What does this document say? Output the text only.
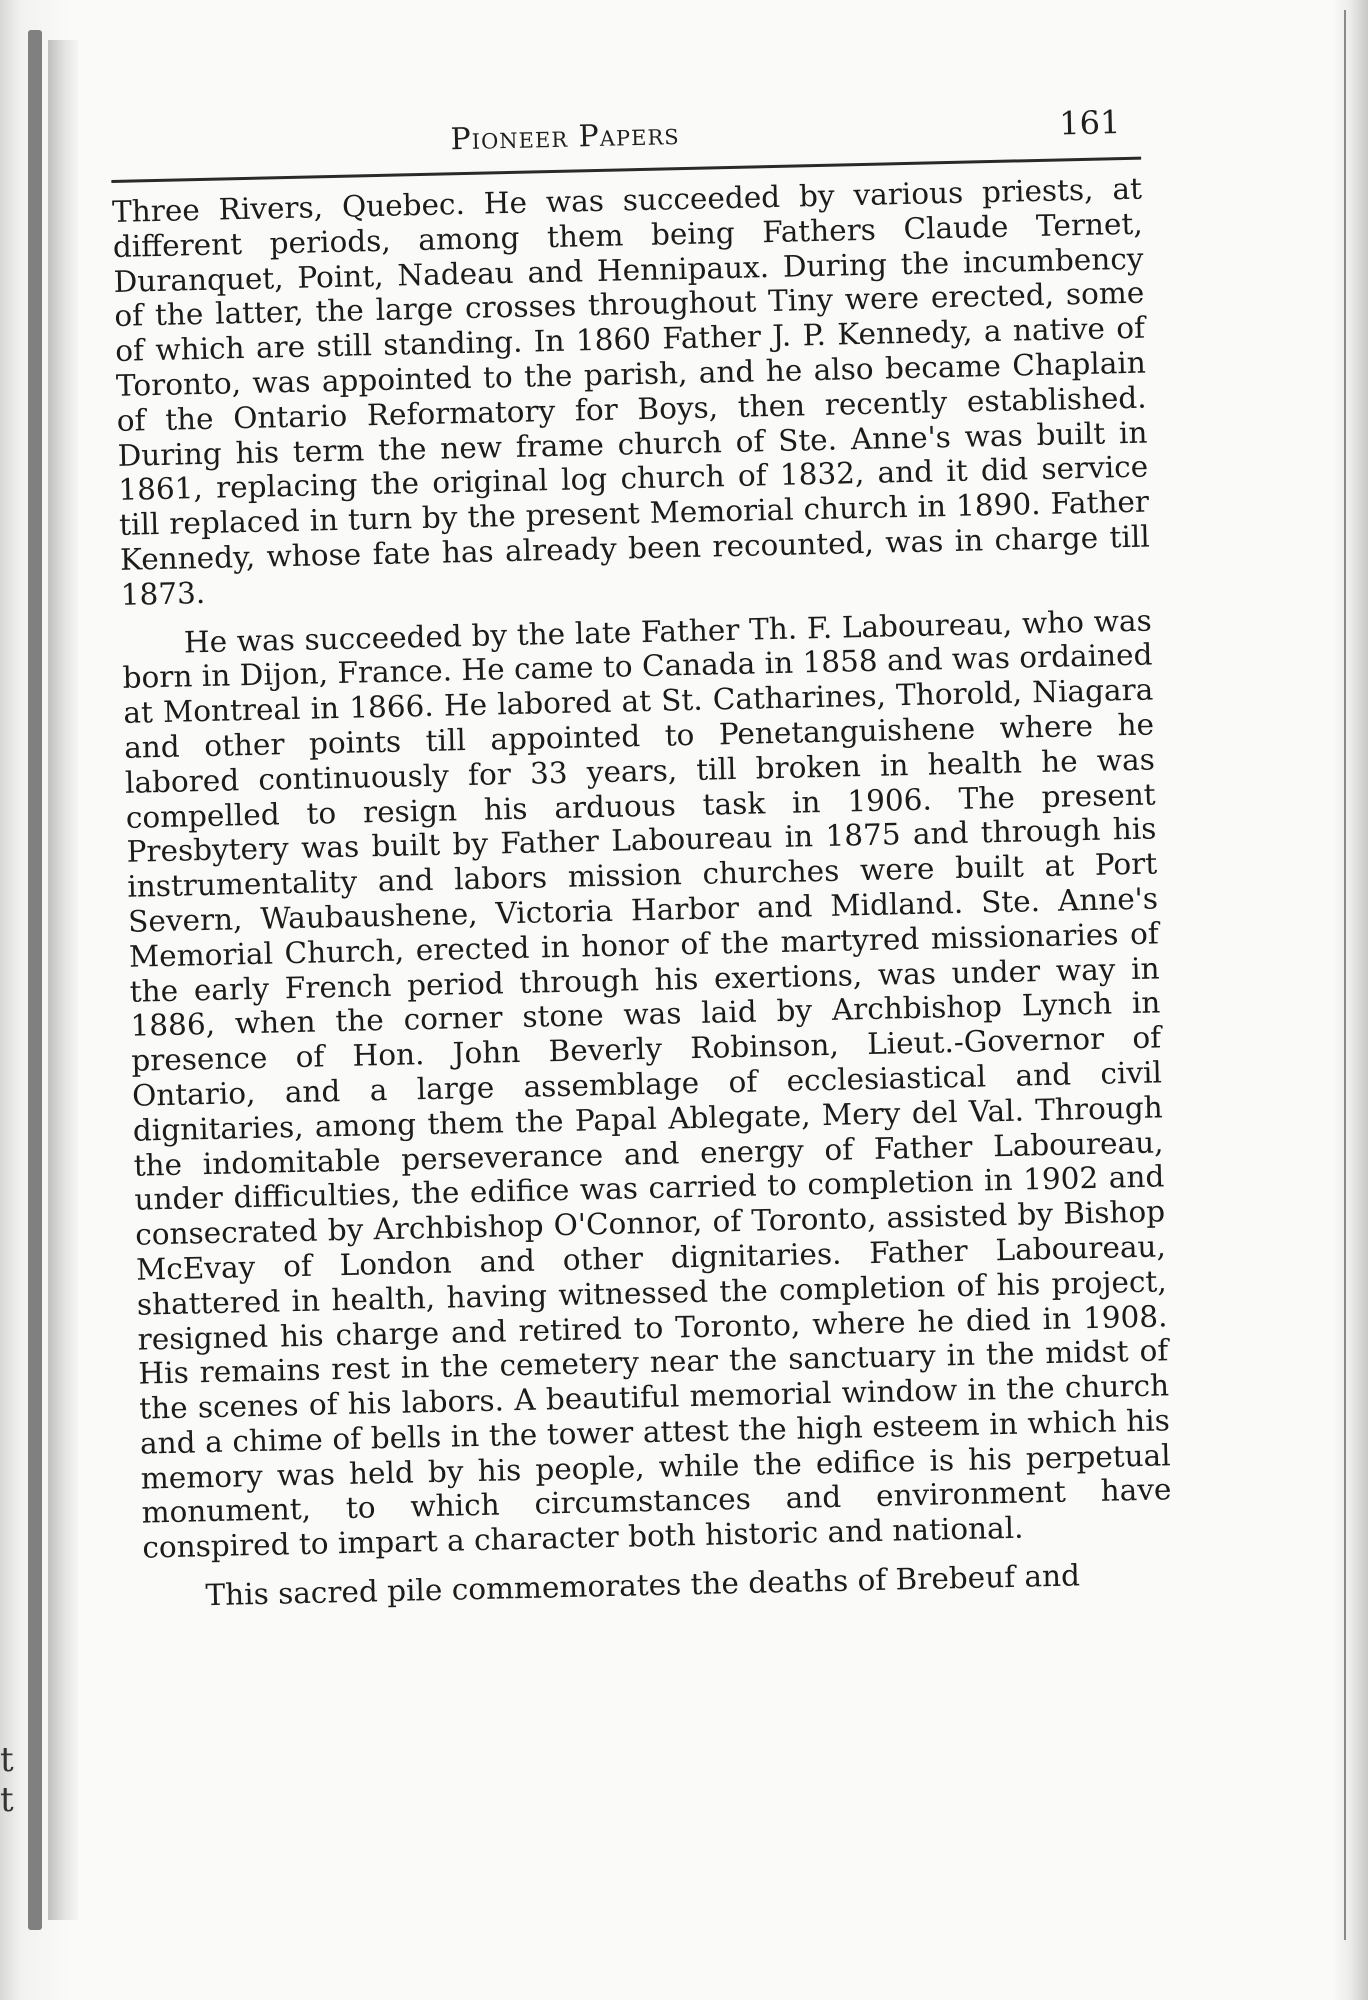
t
t
Pioneer Papers	161

Three Rivers, Quebec. He was succeeded by various priests, at different periods, among them being Fathers Claude Ternet, Duranquet, Point, Nadeau and Hennipaux. During the incumbency of the latter, the large crosses throughout Tiny were erected, some of which are still standing. In 1860 Father J. P. Kennedy, a native of Toronto, was appointed to the parish, and he also became Chaplain of the Ontario Reformatory for Boys, then recently established. During his term the new frame church of Ste. Anne's was built in 1861, replacing the original log church of 1832, and it did service till replaced in turn by the present Memorial church in 1890. Father Kennedy, whose fate has already been recounted, was in charge till 1873.

He was succeeded by the late Father Th. F. Laboureau, who was born in Dijon, France. He came to Canada in 1858 and was ordained at Montreal in 1866. He labored at St. Catharines, Thorold, Niagara and other points till appointed to Penetanguishene where he labored continuously for 33 years, till broken in health he was compelled to resign his arduous task in 1906. The present Presbytery was built by Father Laboureau in 1875 and through his instrumentality and labors mission churches were built at Port Severn, Waubaushene, Victoria Harbor and Midland. Ste. Anne's Memorial Church, erected in honor of the martyred missionaries of the early French period through his exertions, was under way in 1886, when the corner stone was laid by Archbishop Lynch in presence of Hon. John Beverly Robinson, Lieut.-Governor of Ontario, and a large assemblage of ecclesiastical and civil dignitaries, among them the Papal Ablegate, Mery del Val. Through the indomitable perseverance and energy of Father Laboureau, under difficulties, the edifice was carried to completion in 1902 and consecrated by Archbishop O'Connor, of Toronto, assisted by Bishop McEvay of London and other dignitaries. Father Laboureau, shattered in health, having witnessed the completion of his project, resigned his charge and retired to Toronto, where he died in 1908. His remains rest in the cemetery near the sanctuary in the midst of the scenes of his labors. A beautiful memorial window in the church and a chime of bells in the tower attest the high esteem in which his memory was held by his people, while the edifice is his perpetual monument, to which circumstances and environment have conspired to impart a character both historic and national.

This sacred pile commemorates the deaths of Brebeuf and
